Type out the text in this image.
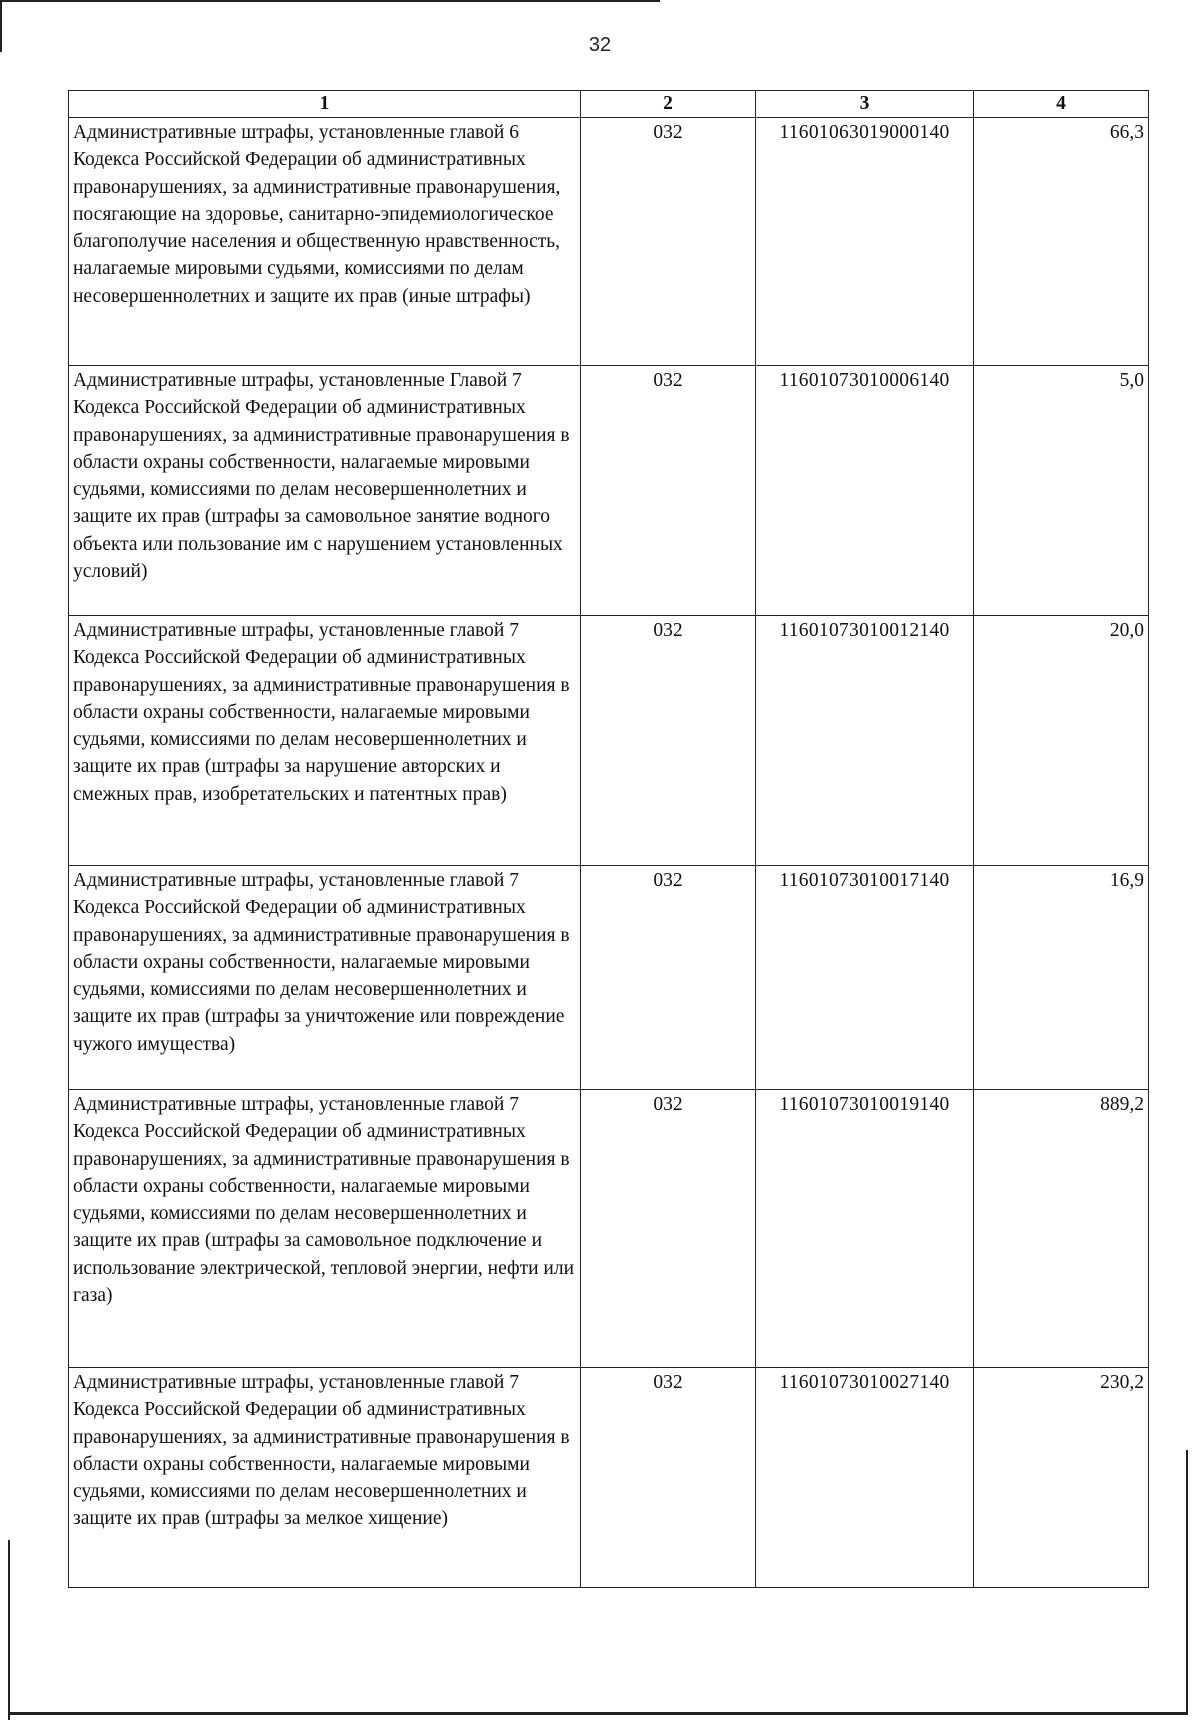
32
1	2	3	4
Административные штрафы, установленные главой 6 Кодекса Российской Федерации об административных правонарушениях, за административные правонарушения, посягающие на здоровье, санитарно-эпидемиологическое благополучие населения и общественную нравственность, налагаемые мировыми судьями, комиссиями по делам несовершеннолетних и защите их прав (иные штрафы)	032	11601063019000140	66,3
Административные штрафы, установленные Главой 7 Кодекса Российской Федерации об административных правонарушениях, за административные правонарушения в области охраны собственности, налагаемые мировыми судьями, комиссиями по делам несовершеннолетних и защите их прав (штрафы за самовольное занятие водного объекта или пользование им с нарушением установленных условий)	032	11601073010006140	5,0
Административные штрафы, установленные главой 7 Кодекса Российской Федерации об административных правонарушениях, за административные правонарушения в области охраны собственности, налагаемые мировыми судьями, комиссиями по делам несовершеннолетних и защите их прав (штрафы за нарушение авторских и смежных прав, изобретательских и патентных прав)	032	11601073010012140	20,0
Административные штрафы, установленные главой 7 Кодекса Российской Федерации об административных правонарушениях, за административные правонарушения в области охраны собственности, налагаемые мировыми судьями, комиссиями по делам несовершеннолетних и защите их прав (штрафы за уничтожение или повреждение чужого имущества)	032	11601073010017140	16,9
Административные штрафы, установленные главой 7 Кодекса Российской Федерации об административных правонарушениях, за административные правонарушения в области охраны собственности, налагаемые мировыми судьями, комиссиями по делам несовершеннолетних и защите их прав (штрафы за самовольное подключение и использование электрической, тепловой энергии, нефти или газа)	032	11601073010019140	889,2
Административные штрафы, установленные главой 7 Кодекса Российской Федерации об административных правонарушениях, за административные правонарушения в области охраны собственности, налагаемые мировыми судьями, комиссиями по делам несовершеннолетних и защите их прав (штрафы за мелкое хищение)	032	11601073010027140	230,2
